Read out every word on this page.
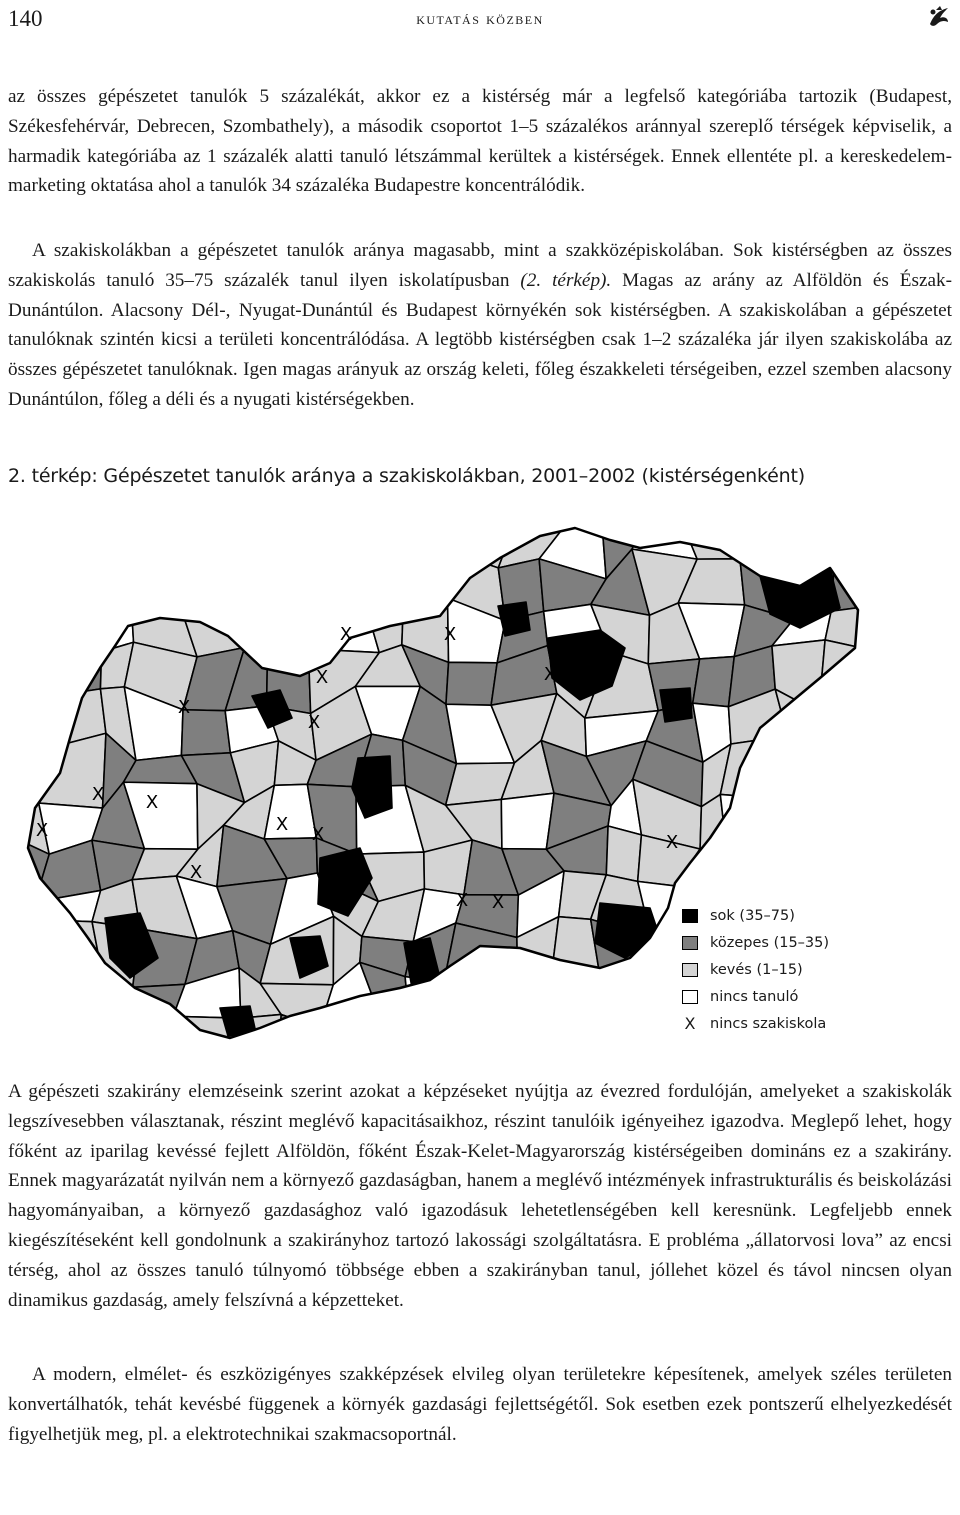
140	kutatás közben

az összes gépészetet tanulók 5 százalékát, akkor ez a kistérség már a legfelső kategóriába tartozik (Budapest, Székesfehérvár, Debrecen, Szombathely), a második csoportot 1–5 százalékos aránnyal szereplő térségek képviselik, a harmadik kategóriába az 1 százalék alatti tanuló létszámmal kerültek a kistérségek. Ennek ellentéte pl. a kereskedelem-marketing oktatása ahol a tanulók 34 százaléka Budapestre koncentrálódik.

A szakiskolákban a gépészetet tanulók aránya magasabb, mint a szakközépiskolában. Sok kistérségben az összes szakiskolás tanuló 35–75 százalék tanul ilyen iskolatípusban (2. térkép). Magas az arány az Alföldön és Észak-Dunántúlon. Alacsony Dél-, Nyugat-Dunántúl és Budapest környékén sok kistérségben. A szakiskolában a gépészetet tanulóknak szintén kicsi a területi koncentrálódása. A legtöbb kistérségben csak 1–2 százaléka jár ilyen szakiskolába az összes gépészetet tanulóknak. Igen magas arányuk az ország keleti, főleg északkeleti térségeiben, ezzel szemben alacsony Dunántúlon, főleg a déli és a nyugati kistérségekben.

2. térkép: Gépészetet tanulók aránya a szakiskolákban, 2001–2002 (kistérségenként)
X	X
X	X
X
X
X X
X	X X	X
X
X X
sok (35–75)
közepes (15–35)
kevés (1–15)
nincs tanuló
X nincs szakiskola

A gépészeti szakirány elemzéseink szerint azokat a képzéseket nyújtja az évezred fordulóján, amelyeket a szakiskolák legszívesebben választanak, részint meglévő kapacitásaikhoz, részint tanulóik igényeihez igazodva. Meglepő lehet, hogy főként az iparilag kevéssé fejlett Alföldön, főként Észak-Kelet-Magyarország kistérségeiben domináns ez a szakirány. Ennek magyarázatát nyilván nem a környező gazdaságban, hanem a meglévő intézmények infrastrukturális és beiskolázási hagyományaiban, a környező gazdasághoz való igazodásuk lehetetlenségében kell keresnünk. Legfeljebb ennek kiegészítéseként kell gondolnunk a szakirányhoz tartozó lakossági szolgáltatásra. E probléma „állatorvosi lova” az encsi térség, ahol az összes tanuló túlnyomó többsége ebben a szakirányban tanul, jóllehet közel és távol nincsen olyan dinamikus gazdaság, amely felszívná a képzetteket.

A modern, elmélet- és eszközigényes szakképzések elvileg olyan területekre képesítenek, amelyek széles területen konvertálhatók, tehát kevésbé függenek a környék gazdasági fejlettségétől. Sok esetben ezek pontszerű elhelyezkedését figyelhetjük meg, pl. a elektrotechnikai szakmacsoportnál.
